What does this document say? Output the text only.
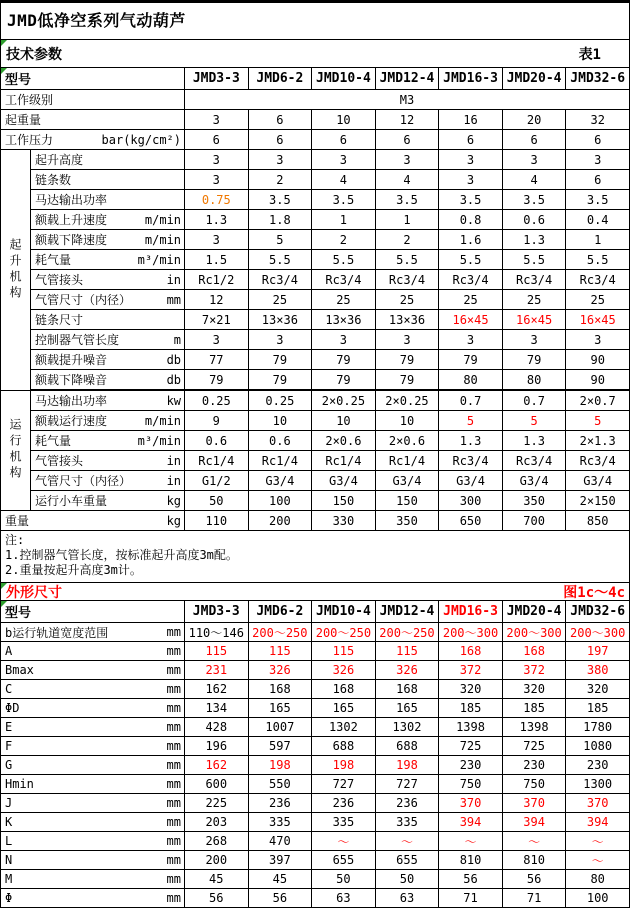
JMD低净空系列气动葫芦
技术参数	表1
型号		JMD3-3	JMD6-2	JMD10-4	JMD12-4	JMD16-3	JMD20-4	JMD32-6

工作级别		M3						

起重量		3	6	10	12	16	20	32

工作压力 bar(kg/cm²)		6	6	6	6	6	6	6
起升机构	起升高度	3	3	3	3	3	3	3

	链条数	3	2	4	4	3	4	6

	马达输出功率	0.75	3.5	3.5	3.5	3.5	3.5	3.5

	额载上升速度 m/min	1.3	1.8	1	1	0.8	0.6	0.4

	额载下降速度 m/min	3	5	2	2	1.6	1.3	1

	耗气量 m³/min	1.5	5.5	5.5	5.5	5.5	5.5	5.5

	气管接头 in	Rc1/2	Rc3/4	Rc3/4	Rc3/4	Rc3/4	Rc3/4	Rc3/4

	气管尺寸（内径） mm	12	25	25	25	25	25	25

	链条尺寸	7×21	13×36	13×36	13×36	16×45	16×45	16×45

	控制器气管长度 m	3	3	3	3	3	3	3

	额载提升噪音 db	77	79	79	79	79	79	90

	额载下降噪音 db	79	79	79	79	80	80	90
运行机构	马达输出功率 kw	0.25	0.25	2×0.25	2×0.25	0.7	0.7	2×0.7

	额载运行速度 m/min	9	10	10	10	5	5	5

	耗气量 m³/min	0.6	0.6	2×0.6	2×0.6	1.3	1.3	2×1.3

	气管接头 in	Rc1/4	Rc1/4	Rc1/4	Rc1/4	Rc3/4	Rc3/4	Rc3/4

	气管尺寸（内径） in	G1/2	G3/4	G3/4	G3/4	G3/4	G3/4	G3/4

	运行小车重量 kg	50	100	150	150	300	350	2×150

重量 kg		110	200	330	350	650	700	850
注:
1.控制器气管长度，按标准起升高度3m配。
2.重量按起升高度3m计。
外形尺寸	图1c～4c
型号	JMD3-3	JMD6-2	JMD10-4	JMD12-4	JMD16-3	JMD20-4	JMD32-6

b运行轨道宽度范围 mm	110～146	200～250	200～250	200～250	200～300	200～300	200～300

A mm	115	115	115	115	168	168	197

Bmax mm	231	326	326	326	372	372	380

C mm	162	168	168	168	320	320	320

ΦD mm	134	165	165	165	185	185	185

E mm	428	1007	1302	1302	1398	1398	1780

F mm	196	597	688	688	725	725	1080

G mm	162	198	198	198	230	230	230

Hmin mm	600	550	727	727	750	750	1300

J mm	225	236	236	236	370	370	370

K mm	203	335	335	335	394	394	394

L mm	268	470	～	～	～	～	～

N mm	200	397	655	655	810	810	～

M mm	45	45	50	50	56	56	80

Φ mm	56	56	63	63	71	71	100
